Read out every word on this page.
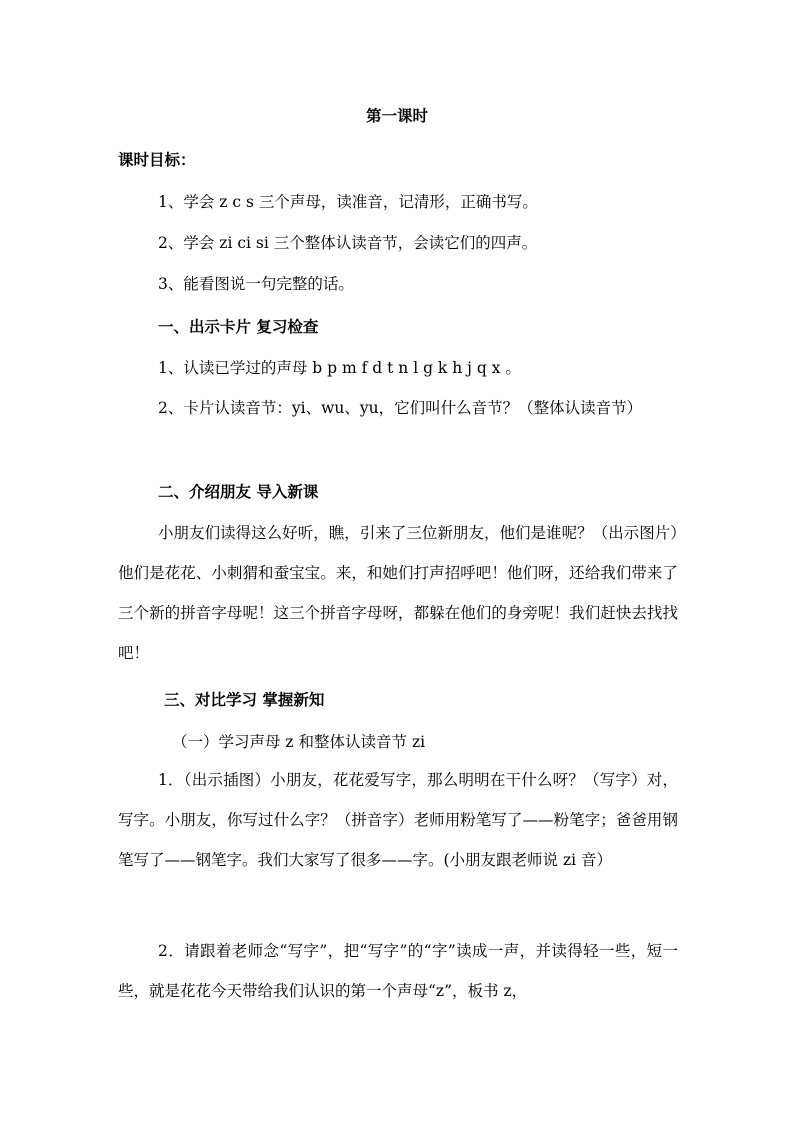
第一课时
课时目标：
1、学会 z c s 三个声母，读准音，记清形，正确书写。
2、学会 zi ci si 三个整体认读音节，会读它们的四声。
3、能看图说一句完整的话。
一、出示卡片 复习检查
1、认读已学过的声母 b p m f d t n l g k h j q x 。
2、卡片认读音节：yi、wu、yu，它们叫什么音节？（整体认读音节）
二、介绍朋友 导入新课
小朋友们读得这么好听，瞧，引来了三位新朋友，他们是谁呢？（出示图片）他们是花花、小刺猬和蚕宝宝。来，和她们打声招呼吧！他们呀，还给我们带来了三个新的拼音字母呢！这三个拼音字母呀，都躲在他们的身旁呢！我们赶快去找找吧！
三、对比学习 掌握新知
（一）学习声母 z 和整体认读音节 zi
1．（出示插图）小朋友，花花爱写字，那么明明在干什么呀？（写字）对，写字。小朋友，你写过什么字？（拼音字）老师用粉笔写了——粉笔字；爸爸用钢笔写了——钢笔字。我们大家写了很多——字。(小朋友跟老师说 zi 音）
2．请跟着老师念“写字”，把“写字”的“字”读成一声，并读得轻一些，短一些，就是花花今天带给我们认识的第一个声母“z”，板书 z，
